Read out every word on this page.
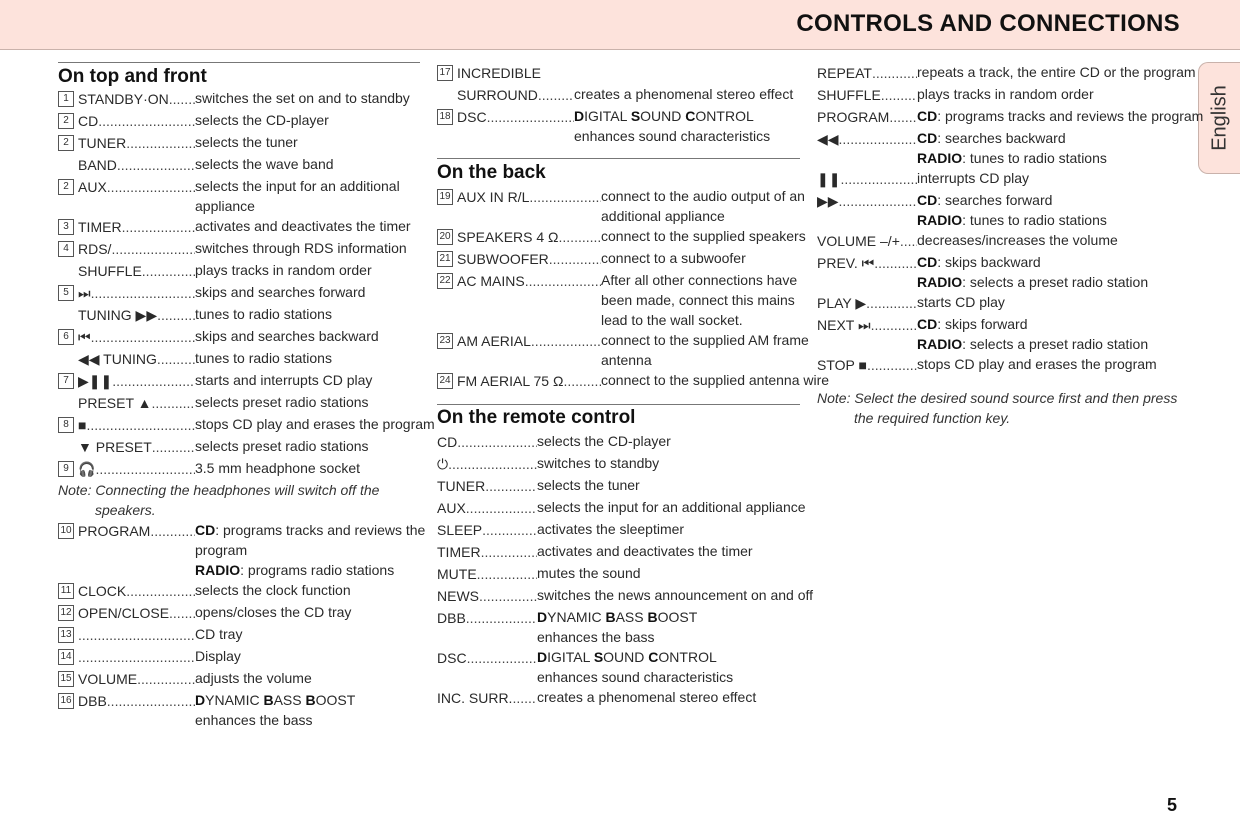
CONTROLS AND CONNECTIONS
English
On top and front
1 STANDBY·ON ..... switches the set on and to standby
2 CD .....	selects the CD-player
2 TUNER .....	selects the tuner
BAND .....	selects the wave band
2 AUX .....	selects the input for an additional
appliance
3 TIMER .....	activates and deactivates the timer
4 RDS/ .....	switches through RDS information
SHUFFLE .....	plays tracks in random order
5 ⏭ .....	skips and searches forward
TUNING ▶▶ .....	tunes to radio stations
6 ⏮ .....	skips and searches backward
◀◀ TUNING .....	tunes to radio stations
7 ▶❚❚ .....	starts and interrupts CD play
PRESET ▲ .....	selects preset radio stations
8 ■ .....	stops CD play and erases the program
▼ PRESET .....	selects preset radio stations
9 🎧 .....	3.5 mm headphone socket
Note: Connecting the headphones will switch off the
speakers.
10 PROGRAM .....	CD: programs tracks and reviews the
program
RADIO: programs radio stations
11 CLOCK .....	selects the clock function
12 OPEN/CLOSE ..... opens/closes the CD tray
13 .....	CD tray
14 .....	Display
15 VOLUME .....	adjusts the volume
16 DBB .....	DYNAMIC BASS BOOST
enhances the bass
17 INCREDIBLE
SURROUND .....	creates a phenomenal stereo effect
18 DSC .....	DIGITAL SOUND CONTROL
enhances sound characteristics
On the back
19 AUX IN R/L .....	connect to the audio output of an
additional appliance
20 SPEAKERS 4 Ω .....	connect to the supplied speakers
21 SUBWOOFER .....	connect to a subwoofer
22 AC MAINS .....	After all other connections have
been made, connect this mains
lead to the wall socket.
23 AM AERIAL .....	connect to the supplied AM frame
antenna
24 FM AERIAL 75 Ω .....	connect to the supplied antenna wire
On the remote control
CD .....	selects the CD-player
⏻ .....	switches to standby
TUNER .....	selects the tuner
AUX .....	selects the input for an additional appliance
SLEEP .....	activates the sleeptimer
TIMER .....	activates and deactivates the timer
MUTE .....	mutes the sound
NEWS .....	switches the news announcement on and off
DBB .....	DYNAMIC BASS BOOST
enhances the bass
DSC .....	DIGITAL SOUND CONTROL
enhances sound characteristics
INC. SURR. ..... creates a phenomenal stereo effect
REPEAT .....	repeats a track, the entire CD or the program
SHUFFLE .....	plays tracks in random order
PROGRAM ..... CD: programs tracks and reviews the program
◀◀ .....	CD: searches backward
RADIO: tunes to radio stations
❚❚ .....	interrupts CD play
▶▶ .....	CD: searches forward
RADIO: tunes to radio stations
VOLUME –/+ ..... decreases/increases the volume
PREV. ⏮ .....	CD: skips backward
RADIO: selects a preset radio station
PLAY ▶ .....	starts CD play
NEXT ⏭ .....	CD: skips forward
RADIO: selects a preset radio station
STOP ■ .....	stops CD play and erases the program
Note: Select the desired sound source first and then press
the required function key.
5
